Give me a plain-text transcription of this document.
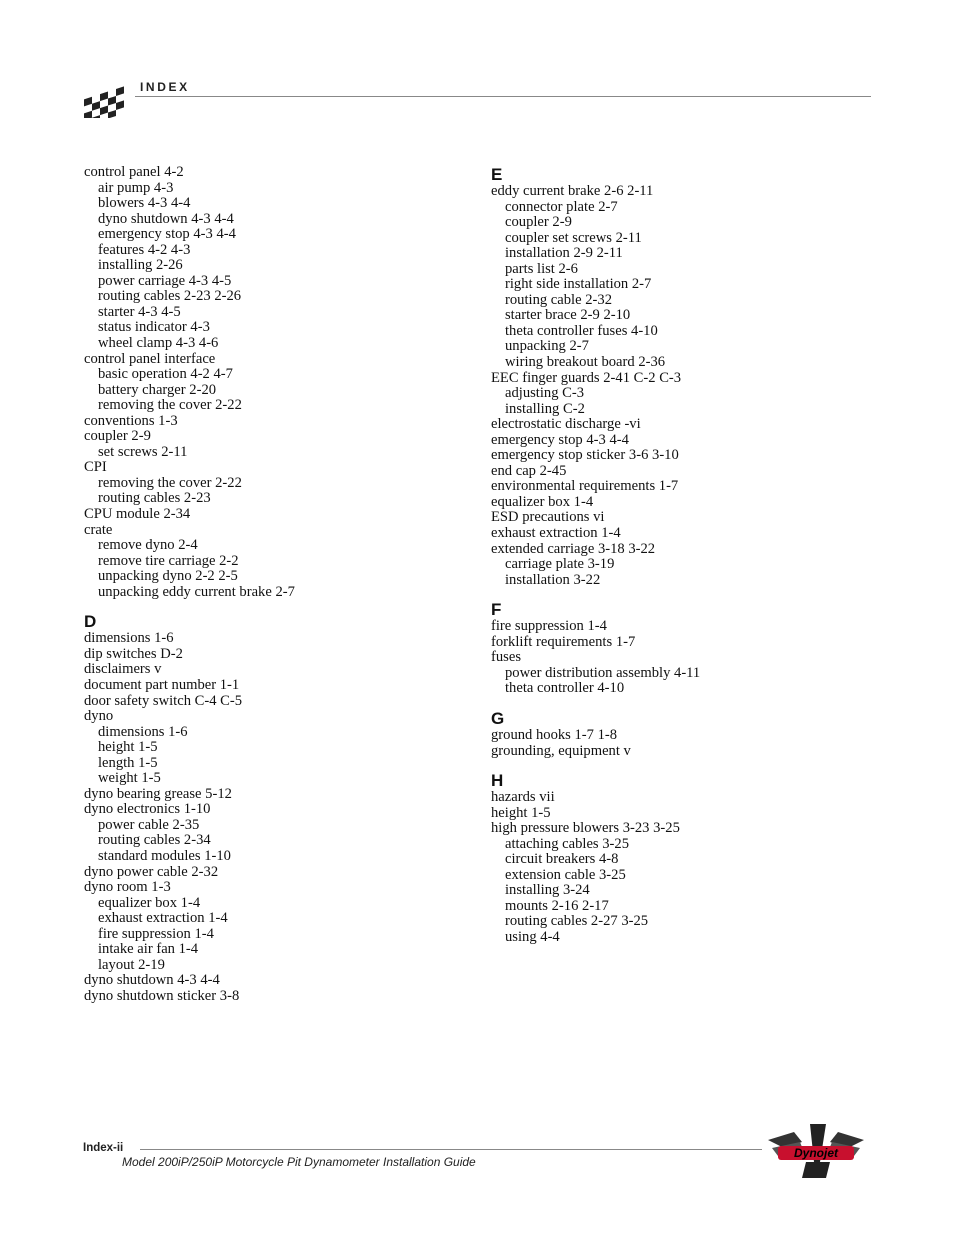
INDEX
control panel 4-2
air pump 4-3
blowers 4-3 4-4
dyno shutdown 4-3 4-4
emergency stop 4-3 4-4
features 4-2 4-3
installing 2-26
power carriage 4-3 4-5
routing cables 2-23 2-26
starter 4-3 4-5
status indicator 4-3
wheel clamp 4-3 4-6
control panel interface
basic operation 4-2 4-7
battery charger 2-20
removing the cover 2-22
conventions 1-3
coupler 2-9
set screws 2-11
CPI
removing the cover 2-22
routing cables 2-23
CPU module 2-34
crate
remove dyno 2-4
remove tire carriage 2-2
unpacking dyno 2-2 2-5
unpacking eddy current brake 2-7
D
dimensions 1-6
dip switches D-2
disclaimers v
document part number 1-1
door safety switch C-4 C-5
dyno
dimensions 1-6
height 1-5
length 1-5
weight 1-5
dyno bearing grease 5-12
dyno electronics 1-10
power cable 2-35
routing cables 2-34
standard modules 1-10
dyno power cable 2-32
dyno room 1-3
equalizer box 1-4
exhaust extraction 1-4
fire suppression 1-4
intake air fan 1-4
layout 2-19
dyno shutdown 4-3 4-4
dyno shutdown sticker 3-8
E
eddy current brake 2-6 2-11
connector plate 2-7
coupler 2-9
coupler set screws 2-11
installation 2-9 2-11
parts list 2-6
right side installation 2-7
routing cable 2-32
starter brace 2-9 2-10
theta controller fuses 4-10
unpacking 2-7
wiring breakout board 2-36
EEC finger guards 2-41 C-2 C-3
adjusting C-3
installing C-2
electrostatic discharge -vi
emergency stop 4-3 4-4
emergency stop sticker 3-6 3-10
end cap 2-45
environmental requirements 1-7
equalizer box 1-4
ESD precautions vi
exhaust extraction 1-4
extended carriage 3-18 3-22
carriage plate 3-19
installation 3-22
F
fire suppression 1-4
forklift requirements 1-7
fuses
power distribution assembly 4-11
theta controller 4-10
G
ground hooks 1-7 1-8
grounding, equipment v
H
hazards vii
height 1-5
high pressure blowers 3-23 3-25
attaching cables 3-25
circuit breakers 4-8
extension cable 3-25
installing 3-24
mounts 2-16 2-17
routing cables 2-27 3-25
using 4-4
Index-ii
Model 200iP/250iP Motorcycle Pit Dynamometer Installation Guide
Dynojet
